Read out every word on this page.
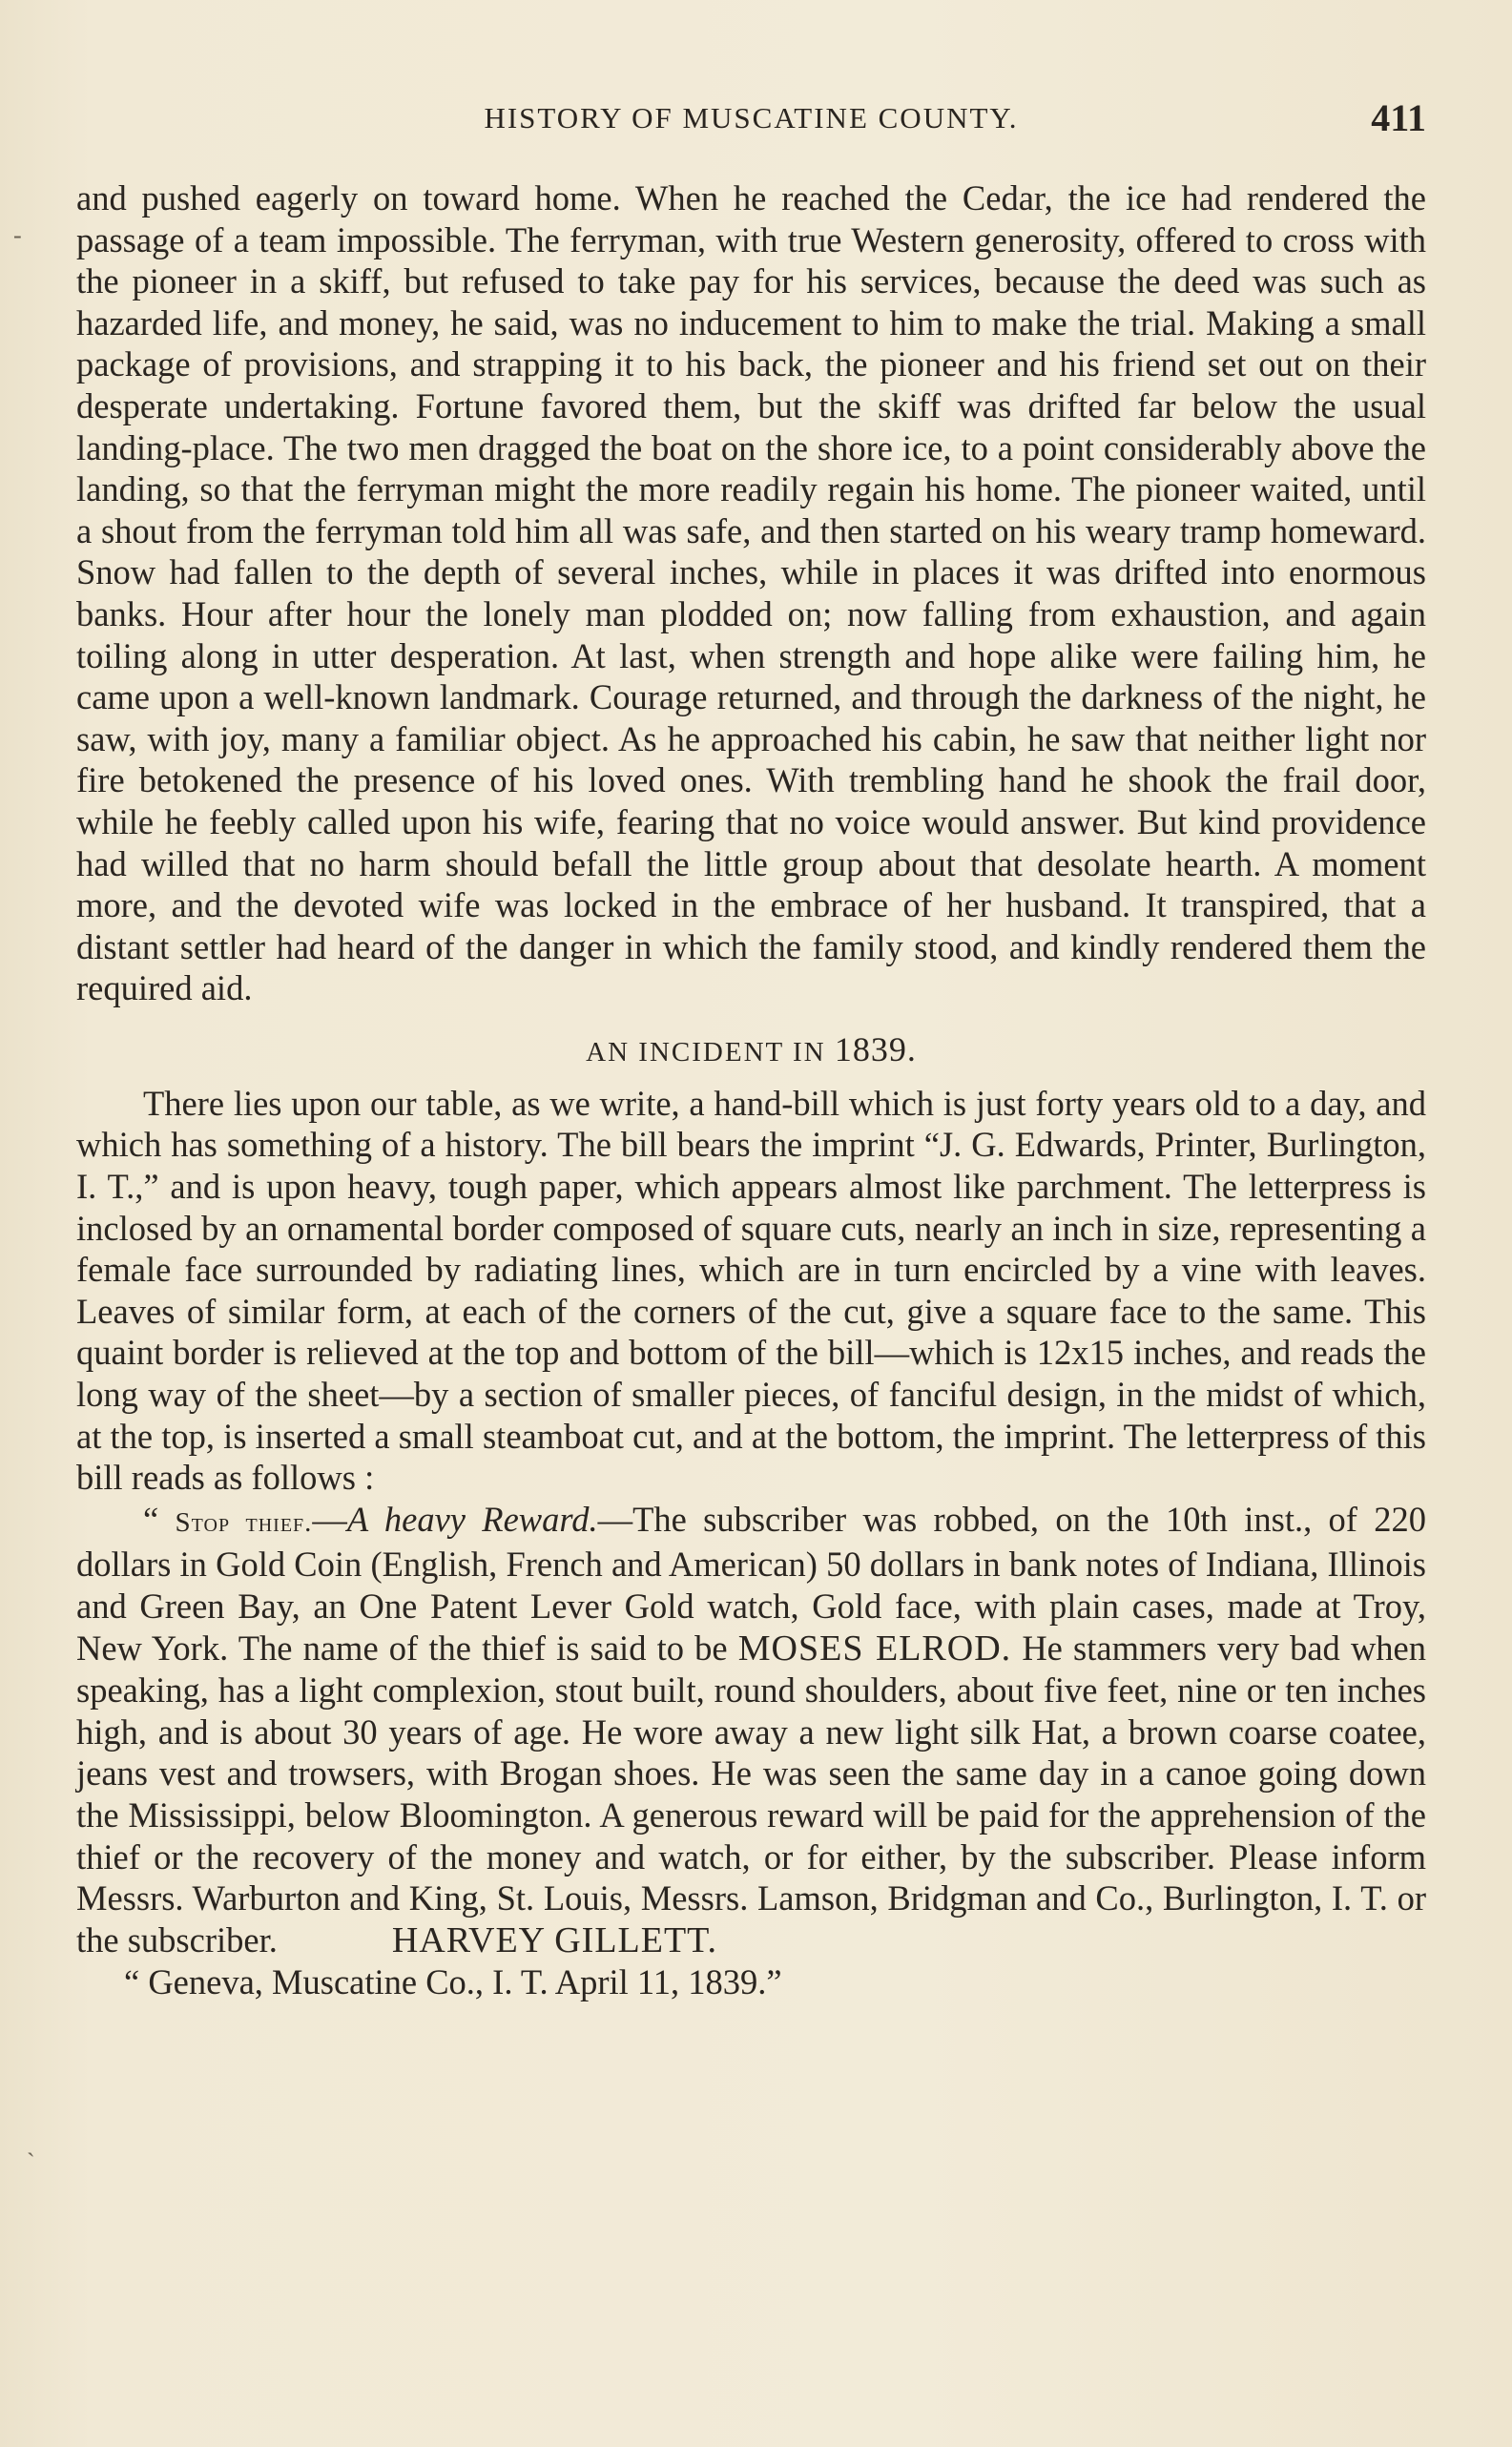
HISTORY OF MUSCATINE COUNTY.	411
-
ˎ

and pushed eagerly on toward home. When he reached the Cedar, the ice had rendered the passage of a team impossible. The ferryman, with true Western generosity, offered to cross with the pioneer in a skiff, but refused to take pay for his services, because the deed was such as hazarded life, and money, he said, was no inducement to him to make the trial. Making a small package of provisions, and strapping it to his back, the pioneer and his friend set out on their desperate undertaking. Fortune favored them, but the skiff was drifted far below the usual landing-place. The two men dragged the boat on the shore ice, to a point considerably above the landing, so that the ferryman might the more readily regain his home. The pioneer waited, until a shout from the ferryman told him all was safe, and then started on his weary tramp homeward. Snow had fallen to the depth of several inches, while in places it was drifted into enormous banks. Hour after hour the lonely man plodded on; now falling from exhaustion, and again toiling along in utter desperation. At last, when strength and hope alike were failing him, he came upon a well-known landmark. Courage returned, and through the darkness of the night, he saw, with joy, many a familiar object. As he approached his cabin, he saw that neither light nor fire betokened the presence of his loved ones. With trembling hand he shook the frail door, while he feebly called upon his wife, fearing that no voice would answer. But kind providence had willed that no harm should befall the little group about that desolate hearth. A moment more, and the devoted wife was locked in the embrace of her husband. It transpired, that a distant settler had heard of the danger in which the family stood, and kindly rendered them the required aid.

AN INCIDENT IN 1839.

There lies upon our table, as we write, a hand-bill which is just forty years old to a day, and which has something of a history. The bill bears the imprint “J. G. Edwards, Printer, Burlington, I. T.,” and is upon heavy, tough paper, which appears almost like parchment. The letterpress is inclosed by an ornamental border composed of square cuts, nearly an inch in size, representing a female face surrounded by radiating lines, which are in turn encircled by a vine with leaves. Leaves of similar form, at each of the corners of the cut, give a square face to the same. This quaint border is relieved at the top and bottom of the bill—which is 12x15 inches, and reads the long way of the sheet—by a section of smaller pieces, of fanciful design, in the midst of which, at the top, is inserted a small steamboat cut, and at the bottom, the imprint. The letterpress of this bill reads as follows :

“ Stop thief.—A heavy Reward.—The subscriber was robbed, on the 10th inst., of 220 dollars in Gold Coin (English, French and American) 50 dollars in bank notes of Indiana, Illinois and Green Bay, an One Patent Lever Gold watch, Gold face, with plain cases, made at Troy, New York. The name of the thief is said to be MOSES ELROD. He stammers very bad when speaking, has a light complexion, stout built, round shoulders, about five feet, nine or ten inches high, and is about 30 years of age. He wore away a new light silk Hat, a brown coarse coatee, jeans vest and trowsers, with Brogan shoes. He was seen the same day in a canoe going down the Mississippi, below Bloomington. A generous reward will be paid for the apprehension of the thief or the recovery of the money and watch, or for either, by the subscriber. Please inform Messrs. Warburton and King, St. Louis, Messrs. Lamson, Bridgman and Co., Burlington, I. T. or the subscriber.	HARVEY GILLETT.

“ Geneva, Muscatine Co., I. T. April 11, 1839.”
